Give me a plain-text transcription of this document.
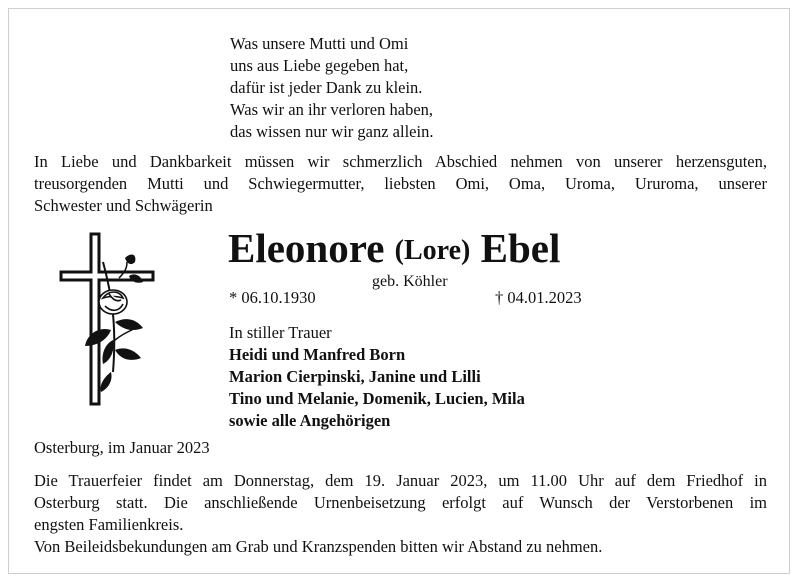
Was unsere Mutti und Omi
uns aus Liebe gegeben hat,
dafür ist jeder Dank zu klein.
Was wir an ihr verloren haben,
das wissen nur wir ganz allein.
In Liebe und Dankbarkeit müssen wir schmerzlich Abschied nehmen von unserer herzensguten,
treusorgenden Mutti und Schwiegermutter, liebsten Omi, Oma, Uroma, Ururoma, unserer
Schwester und Schwägerin
Eleonore (Lore) Ebel
geb. Köhler
* 06.10.1930	† 04.01.2023
In stiller Trauer
Heidi und Manfred Born
Marion Cierpinski, Janine und Lilli
Tino und Melanie, Domenik, Lucien, Mila
sowie alle Angehörigen
Osterburg, im Januar 2023
Die Trauerfeier findet am Donnerstag, dem 19. Januar 2023, um 11.00 Uhr auf dem Friedhof in
Osterburg statt. Die anschließende Urnenbeisetzung erfolgt auf Wunsch der Verstorbenen im
engsten Familienkreis.
Von Beileidsbekundungen am Grab und Kranzspenden bitten wir Abstand zu nehmen.
